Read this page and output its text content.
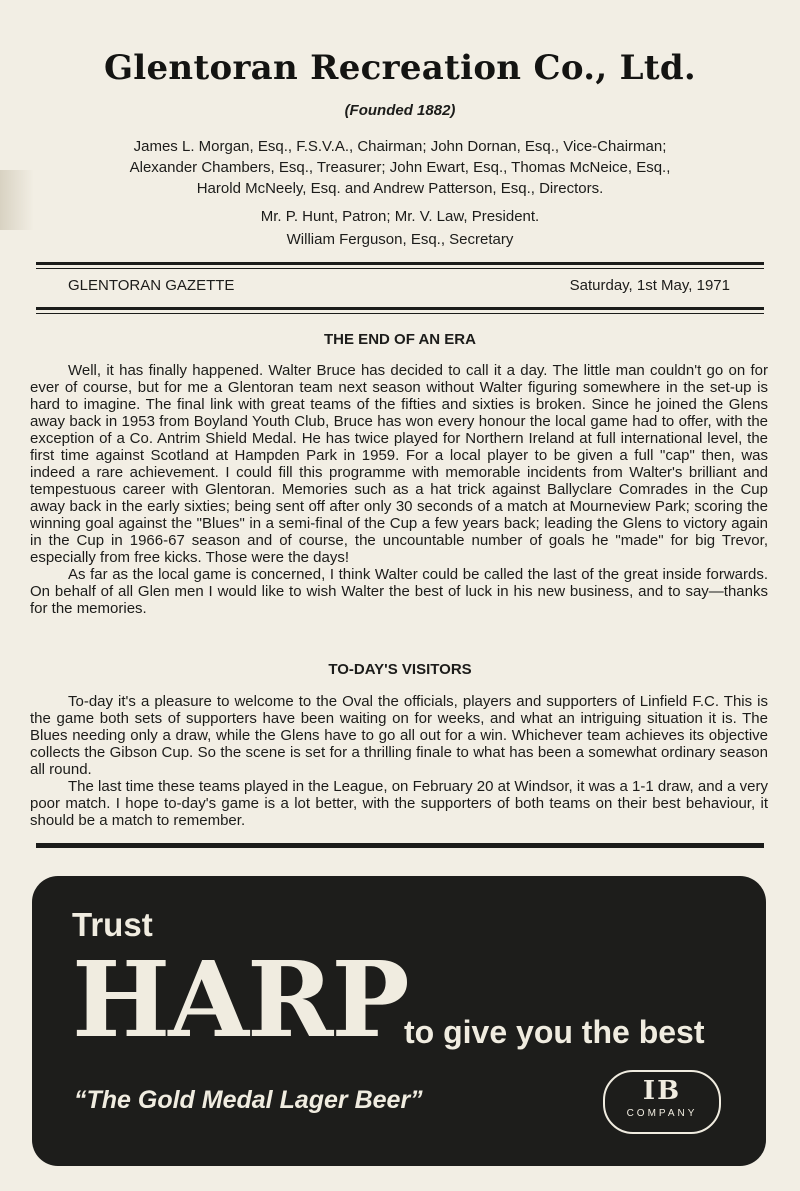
Glentoran Recreation Co., Ltd.
(Founded 1882)
James L. Morgan, Esq., F.S.V.A., Chairman; John Dornan, Esq., Vice-Chairman;
Alexander Chambers, Esq., Treasurer; John Ewart, Esq., Thomas McNeice, Esq.,
Harold McNeely, Esq. and Andrew Patterson, Esq., Directors.
Mr. P. Hunt, Patron; Mr. V. Law, President.
William Ferguson, Esq., Secretary
GLENTORAN GAZETTE	Saturday, 1st May, 1971
THE END OF AN ERA

Well, it has finally happened. Walter Bruce has decided to call it a day. The little man couldn't go on for ever of course, but for me a Glentoran team next season without Walter figuring somewhere in the set-up is hard to imagine. The final link with great teams of the fifties and sixties is broken. Since he joined the Glens away back in 1953 from Boyland Youth Club, Bruce has won every honour the local game had to offer, with the exception of a Co. Antrim Shield Medal. He has twice played for Northern Ireland at full international level, the first time against Scotland at Hampden Park in 1959. For a local player to be given a full "cap" then, was indeed a rare achievement. I could fill this programme with memorable incidents from Walter's brilliant and tempestuous career with Glentoran. Memories such as a hat trick against Ballyclare Comrades in the Cup away back in the early sixties; being sent off after only 30 seconds of a match at Mourneview Park; scoring the winning goal against the "Blues" in a semi-final of the Cup a few years back; leading the Glens to victory again in the Cup in 1966-67 season and of course, the uncountable number of goals he "made" for big Trevor, especially from free kicks. Those were the days!

As far as the local game is concerned, I think Walter could be called the last of the great inside forwards. On behalf of all Glen men I would like to wish Walter the best of luck in his new business, and to say—thanks for the memories.

TO-DAY'S VISITORS

To-day it's a pleasure to welcome to the Oval the officials, players and supporters of Linfield F.C. This is the game both sets of supporters have been waiting on for weeks, and what an intriguing situation it is. The Blues needing only a draw, while the Glens have to go all out for a win. Whichever team achieves its objective collects the Gibson Cup. So the scene is set for a thrilling finale to what has been a somewhat ordinary season all round.

The last time these teams played in the League, on February 20 at Windsor, it was a 1-1 draw, and a very poor match. I hope to-day's game is a lot better, with the supporters of both teams on their best behaviour, it should be a match to remember.

Trust
HARP
to give you the best
“The Gold Medal Lager Beer”	IB
COMPANY
